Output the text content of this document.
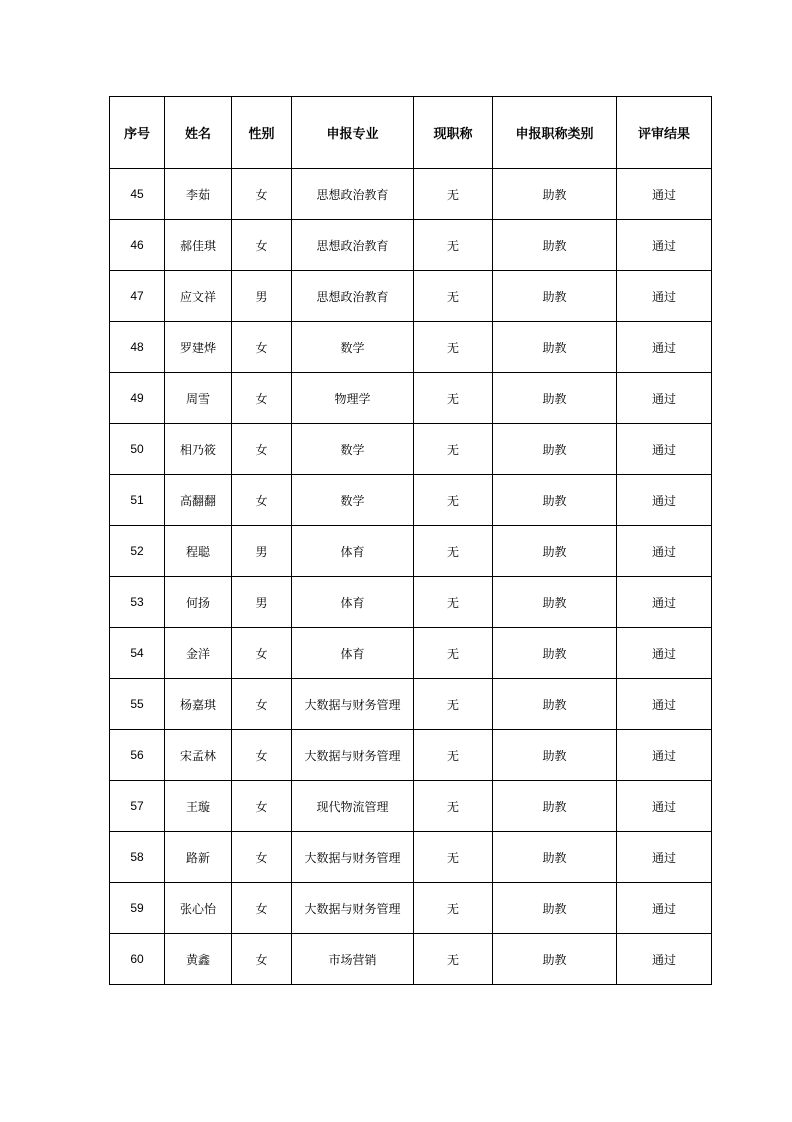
序号	姓名	性别	申报专业	现职称	申报职称类别	评审结果
45	李茹	女	思想政治教育	无	助教	通过
46	郝佳琪	女	思想政治教育	无	助教	通过
47	应文祥	男	思想政治教育	无	助教	通过
48	罗建烨	女	数学	无	助教	通过
49	周雪	女	物理学	无	助教	通过
50	相乃筱	女	数学	无	助教	通过
51	高翻翻	女	数学	无	助教	通过
52	程聪	男	体育	无	助教	通过
53	何扬	男	体育	无	助教	通过
54	金洋	女	体育	无	助教	通过
55	杨嘉琪	女	大数据与财务管理	无	助教	通过
56	宋孟林	女	大数据与财务管理	无	助教	通过
57	王璇	女	现代物流管理	无	助教	通过
58	路新	女	大数据与财务管理	无	助教	通过
59	张心怡	女	大数据与财务管理	无	助教	通过
60	黄鑫	女	市场营销	无	助教	通过
